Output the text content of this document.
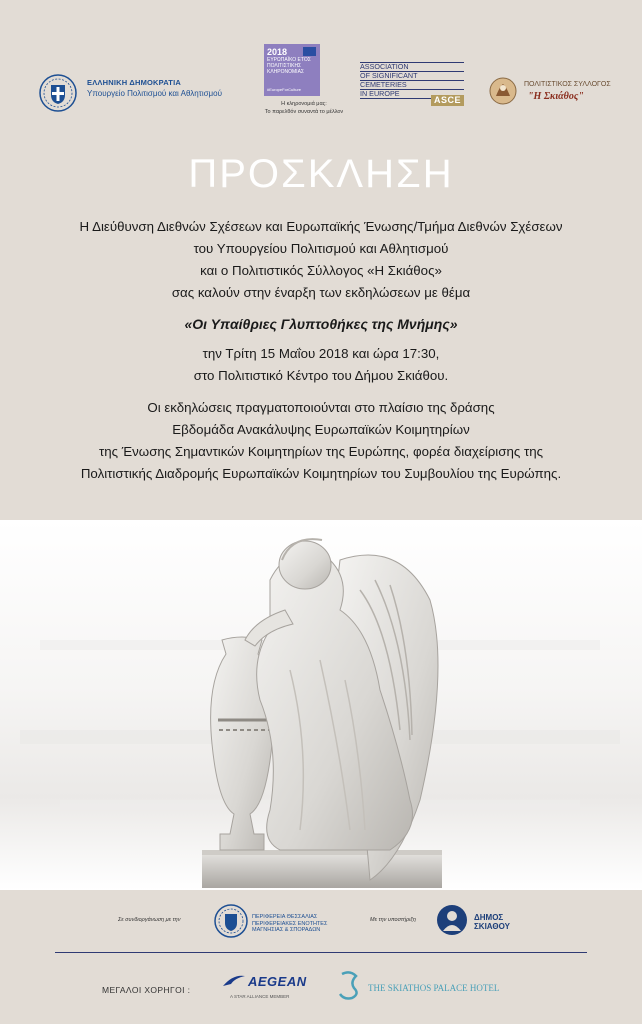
ΕΛΛΗΝΙΚΗ ΔΗΜΟΚΡΑΤΙΑ
Υπουργείο Πολιτισμού και Αθλητισμού
2018
ΕΥΡΩΠΑΪΚΟ ΕΤΟΣ
ΠΟΛΙΤΙΣΤΙΚΗΣ
ΚΛΗΡΟΝΟΜΙΑΣ
#EuropeForCulture
Η κληρονομιά μας:
Το παρελθόν συναντά το μέλλον
ASSOCIATION
OF SIGNIFICANT
CEMETERIES
IN EUROPE
ASCE
ΠΟΛΙΤΙΣΤΙΚΟΣ ΣΥΛΛΟΓΟΣ
"Η Σκιάθος"
ΠΡΟΣΚΛΗΣΗ

Η Διεύθυνση Διεθνών Σχέσεων και Ευρωπαϊκής Ένωσης/Τμήμα Διεθνών Σχέσεων

του Υπουργείου Πολιτισμού και Αθλητισμού

και ο Πολιτιστικός Σύλλογος «Η Σκιάθος»

σας καλούν στην έναρξη των εκδηλώσεων με θέμα

«Οι Υπαίθριες Γλυπτοθήκες της Μνήμης»

την Τρίτη 15 Μαΐου 2018 και ώρα 17:30,

στο Πολιτιστικό Κέντρο του Δήμου Σκιάθου.

Οι εκδηλώσεις πραγματοποιούνται στο πλαίσιο της δράσης

Εβδομάδα Ανακάλυψης Ευρωπαϊκών Κοιμητηρίων

της Ένωσης Σημαντικών Κοιμητηρίων της Ευρώπης, φορέα διαχείρισης της

Πολιτιστικής Διαδρομής Ευρωπαϊκών Κοιμητηρίων του Συμβουλίου της Ευρώπης.

Σε συνδιοργάνωση με την	ΠΕΡΙΦΕΡΕΙΑ ΘΕΣΣΑΛΙΑΣ
ΠΕΡΙΦΕΡΕΙΑΚΕΣ ΕΝΟΤΗΤΕΣ
ΜΑΓΝΗΣΙΑΣ & ΣΠΟΡΑΔΩΝ
Με την υποστήριξη	ΔΗΜΟΣ
ΣΚΙΑΘΟΥ
ΜΕΓΑΛΟΙ ΧΟΡΗΓΟΙ :
AEGEAN
A STAR ALLIANCE MEMBER
THE SKIATHOS PALACE HOTEL
